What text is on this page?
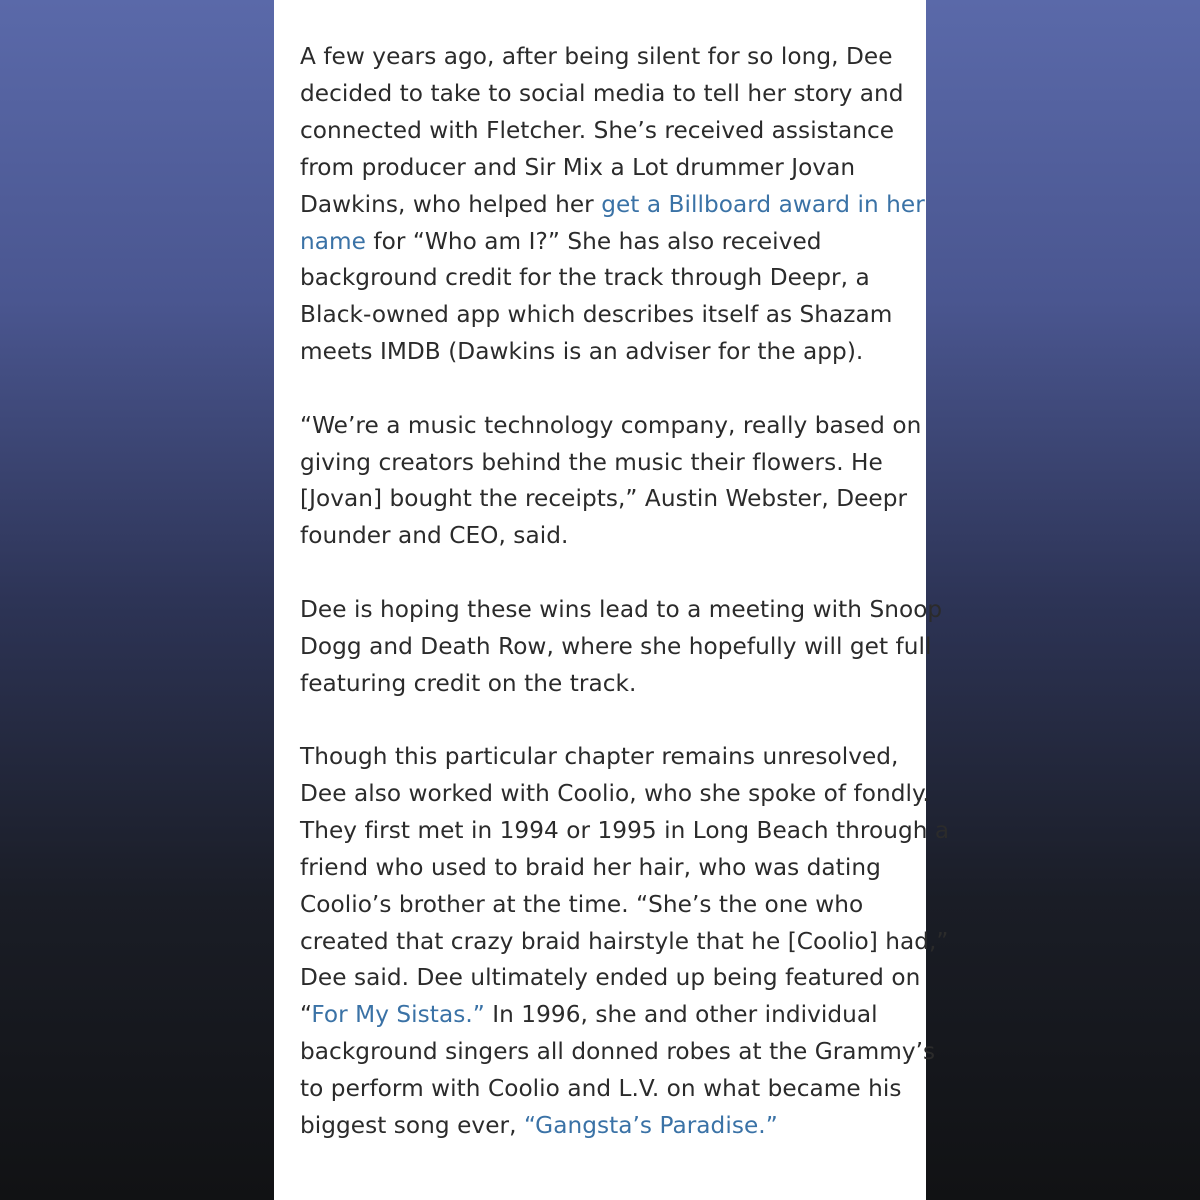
A few years ago, after being silent for so long, Dee
decided to take to social media to tell her story and
connected with Fletcher. She’s received assistance
from producer and Sir Mix a Lot drummer Jovan
Dawkins, who helped her get a Billboard award in her
name for “Who am I?” She has also received
background credit for the track through Deepr, a
Black-owned app which describes itself as Shazam
meets IMDB (Dawkins is an adviser for the app).

“We’re a music technology company, really based on
giving creators behind the music their flowers. He
[Jovan] bought the receipts,” Austin Webster, Deepr
founder and CEO, said.

Dee is hoping these wins lead to a meeting with Snoop
Dogg and Death Row, where she hopefully will get full
featuring credit on the track.

Though this particular chapter remains unresolved,
Dee also worked with Coolio, who she spoke of fondly.
They first met in 1994 or 1995 in Long Beach through a
friend who used to braid her hair, who was dating
Coolio’s brother at the time. “She’s the one who
created that crazy braid hairstyle that he [Coolio] had,”
Dee said. Dee ultimately ended up being featured on
“For My Sistas.” In 1996, she and other individual
background singers all donned robes at the Grammy’s
to perform with Coolio and L.V. on what became his
biggest song ever, “Gangsta’s Paradise.”
